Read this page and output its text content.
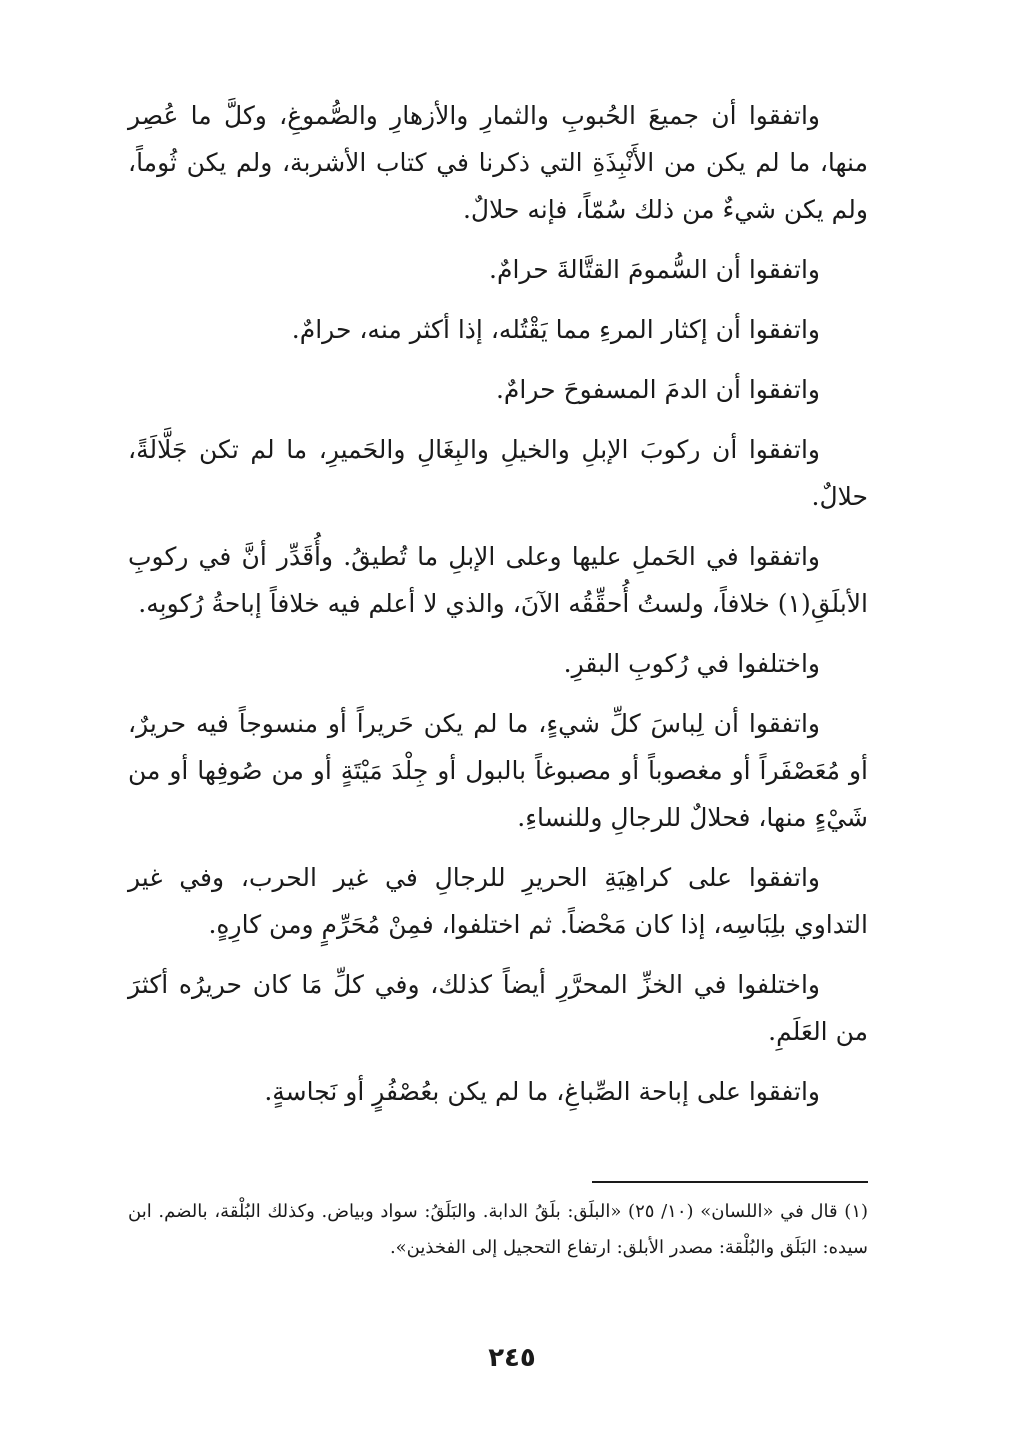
واتفقوا أن جميعَ الحُبوبِ والثمارِ والأزهارِ والصُّموغِ، وكلَّ ما عُصِر منها، ما لم يكن من الأَنْبِذَةِ التي ذكرنا في كتاب الأشربة، ولم يكن ثُوماً، ولم يكن شيءٌ من ذلك سُمّاً، فإنه حلالٌ.

واتفقوا أن السُّمومَ القتَّالةَ حرامٌ.

واتفقوا أن إكثار المرءِ مما يَقْتُله، إذا أكثر منه، حرامٌ.

واتفقوا أن الدمَ المسفوحَ حرامٌ.

واتفقوا أن ركوبَ الإبلِ والخيلِ والبِغَالِ والحَميرِ، ما لم تكن جَلَّالَةً، حلالٌ.

واتفقوا في الحَملِ عليها وعلى الإبلِ ما تُطيقُ. وأُقَدِّر أنَّ في ركوبِ الأبلَقِ(١) خلافاً، ولستُ أُحقِّقُه الآنَ، والذي لا أعلم فيه خلافاً إباحةُ رُكوبِه.

واختلفوا في رُكوبِ البقرِ.

واتفقوا أن لِباسَ كلِّ شيءٍ، ما لم يكن حَريراً أو منسوجاً فيه حريرٌ، أو مُعَصْفَراً أو مغصوباً أو مصبوغاً بالبول أو جِلْدَ مَيْتَةٍ أو من صُوفِها أو من شَيْءٍ منها، فحلالٌ للرجالِ وللنساءِ.

واتفقوا على كراهِيَةِ الحريرِ للرجالِ في غير الحرب، وفي غير التداوي بلِبَاسِه، إذا كان مَحْضاً. ثم اختلفوا، فمِنْ مُحَرِّمٍ ومن كارِهٍ.

واختلفوا في الخزِّ المحرَّرِ أيضاً كذلك، وفي كلِّ مَا كان حريرُه أكثرَ من العَلَمِ.

واتفقوا على إباحة الصِّباغِ، ما لم يكن بعُصْفُرٍ أو نَجاسةٍ.

(١) قال في «اللسان» (١٠/ ٢٥) «البلَق: بلَقُ الدابة. والبَلَقُ: سواد وبياض. وكذلك البُلْقة، بالضم. ابن سيده: البَلَق والبُلْقة: مصدر الأبلق: ارتفاع التحجيل إلى الفخذين».

٢٤٥
